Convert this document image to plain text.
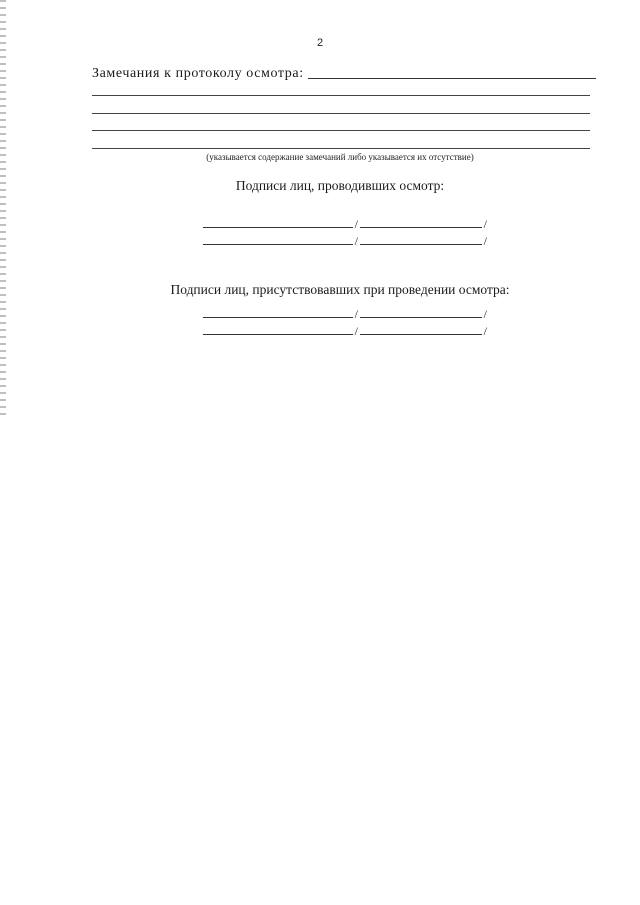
2
Замечания к протоколу осмотра:
(указывается содержание замечаний либо указывается их отсутствие)
Подписи лиц, проводивших осмотр:
/	/
/	/
Подписи лиц, присутствовавших при проведении осмотра:
/	/
/	/
